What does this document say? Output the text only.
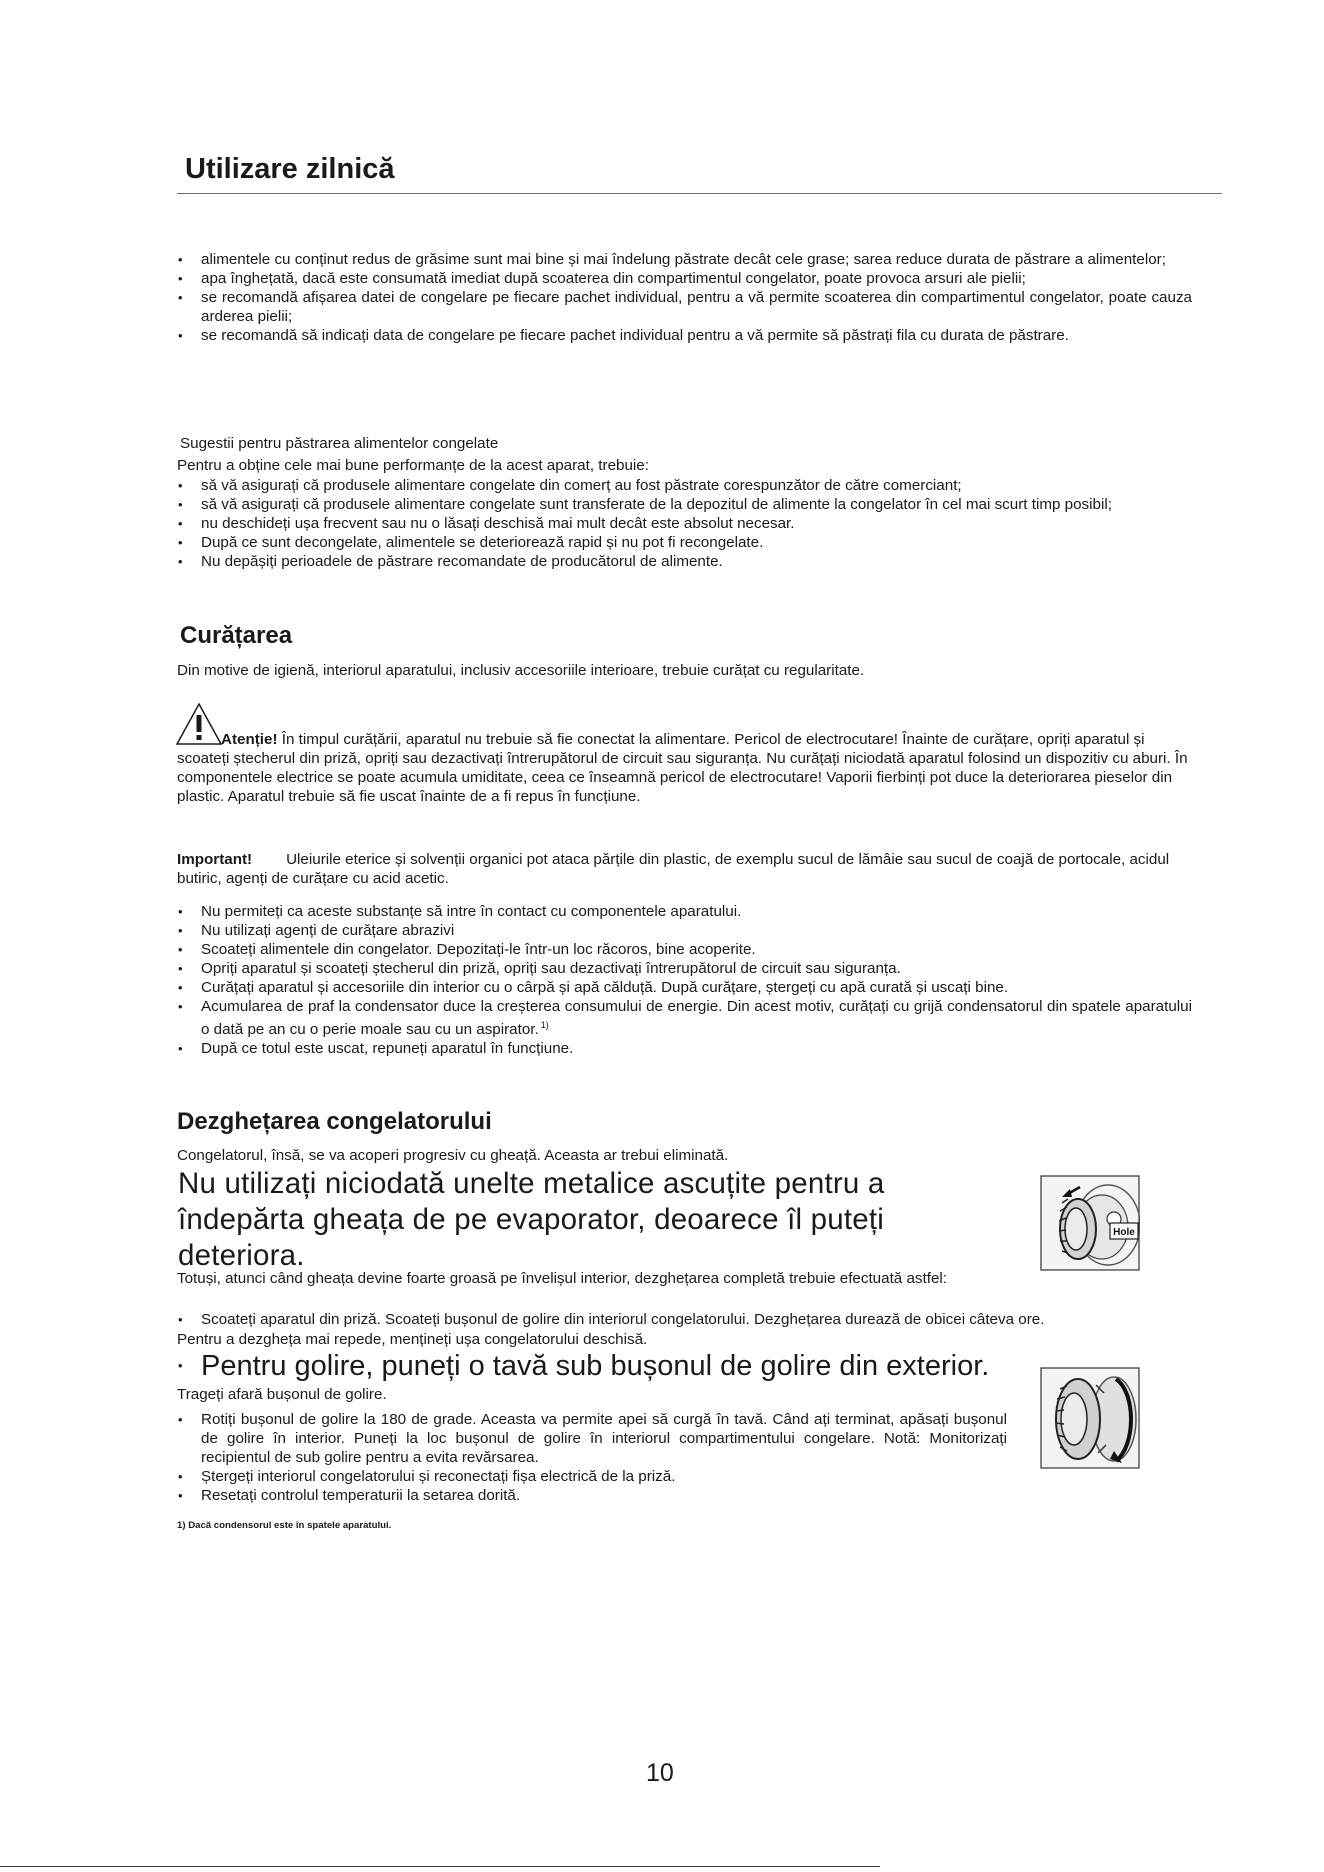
Utilizare zilnică
• alimentele cu conținut redus de grăsime sunt mai bine și mai îndelung păstrate decât cele grase; sarea reduce durata de păstrare a alimentelor;
• apa înghețată, dacă este consumată imediat după scoaterea din compartimentul congelator, poate provoca arsuri ale pielii;
• se recomandă afișarea datei de congelare pe fiecare pachet individual, pentru a vă permite scoaterea din compartimentul congelator, poate cauza arderea pielii;
• se recomandă să indicați data de congelare pe fiecare pachet individual pentru a vă permite să păstrați fila cu durata de păstrare.
Sugestii pentru păstrarea alimentelor congelate
Pentru a obține cele mai bune performanțe de la acest aparat, trebuie:
• să vă asigurați că produsele alimentare congelate din comerț au fost păstrate corespunzător de către comerciant;
• să vă asigurați că produsele alimentare congelate sunt transferate de la depozitul de alimente la congelator în cel mai scurt timp posibil;
• nu deschideți ușa frecvent sau nu o lăsați deschisă mai mult decât este absolut necesar.
• După ce sunt decongelate, alimentele se deteriorează rapid și nu pot fi recongelate.
• Nu depășiți perioadele de păstrare recomandate de producătorul de alimente.
Curățarea
Din motive de igienă, interiorul aparatului, inclusiv accesoriile interioare, trebuie curățat cu regularitate.
Atenție! În timpul curățării, aparatul nu trebuie să fie conectat la alimentare. Pericol de electrocutare! Înainte de curățare, opriți aparatul și scoateți ștecherul din priză, opriți sau dezactivați întrerupătorul de circuit sau siguranța. Nu curățați niciodată aparatul folosind un dispozitiv cu aburi. În componentele electrice se poate acumula umiditate, ceea ce înseamnă pericol de electrocutare! Vaporii fierbinți pot duce la deteriorarea pieselor din plastic. Aparatul trebuie să fie uscat înainte de a fi repus în funcțiune.
Important! Uleiurile eterice și solvenții organici pot ataca părțile din plastic, de exemplu sucul de lămâie sau sucul de coajă de portocale, acidul butiric, agenți de curățare cu acid acetic.
• Nu permiteți ca aceste substanțe să intre în contact cu componentele aparatului.
• Nu utilizați agenți de curățare abrazivi
• Scoateți alimentele din congelator. Depozitați-le într-un loc răcoros, bine acoperite.
• Opriți aparatul și scoateți ștecherul din priză, opriți sau dezactivați întrerupătorul de circuit sau siguranța.
• Curățați aparatul și accesoriile din interior cu o cârpă și apă călduță. După curățare, ștergeți cu apă curată și uscați bine.
• Acumularea de praf la condensator duce la creșterea consumului de energie. Din acest motiv, curățați cu grijă condensatorul din spatele aparatului o dată pe an cu o perie moale sau cu un aspirator. $^{1)}$
• După ce totul este uscat, repuneți aparatul în funcțiune.
Dezghețarea congelatorului
Congelatorul, însă, se va acoperi progresiv cu gheață. Aceasta ar trebui eliminată.
Nu utilizați niciodată unelte metalice ascuțite pentru a îndepărta gheața de pe evaporator, deoarece îl puteți deteriora.
Hole
Totuși, atunci când gheața devine foarte groasă pe învelișul interior, dezghețarea completă trebuie efectuată astfel:
• Scoateți aparatul din priză. Scoateți bușonul de golire din interiorul congelatorului. Dezghețarea durează de obicei câteva ore.
Pentru a dezgheța mai repede, mențineți ușa congelatorului deschisă.
• Pentru golire, puneți o tavă sub bușonul de golire din exterior.
Trageți afară bușonul de golire.
• Rotiți bușonul de golire la 180 de grade. Aceasta va permite apei să curgă în tavă. Când ați terminat, apăsați bușonul de golire în interior. Puneți la loc bușonul de golire în interiorul compartimentului congelare. Notă: Monitorizați recipientul de sub golire pentru a evita revărsarea.
• Ștergeți interiorul congelatorului și reconectați fișa electrică de la priză.
• Resetați controlul temperaturii la setarea dorită.
1) Dacă condensorul este în spatele aparatului.
10
